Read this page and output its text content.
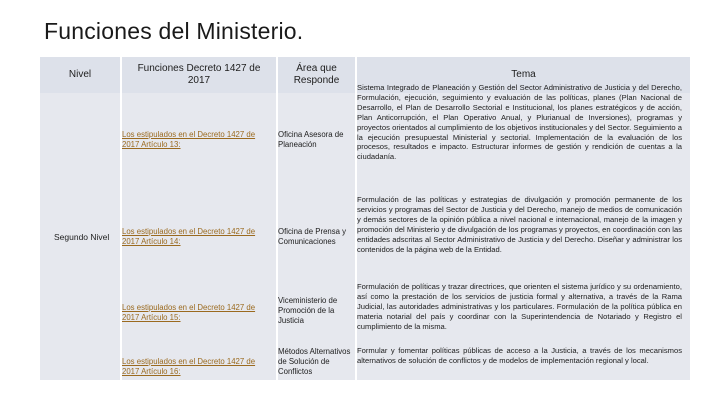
Funciones del Ministerio.
Nivel
Funciones Decreto 1427 de 2017
Área que Responde
Tema
Segundo Nivel
Los estipulados en el Decreto 1427 de 2017 Artículo 13:
Oficina Asesora de Planeación
Sistema Integrado de Planeación y Gestión del Sector Administrativo de Justicia y del Derecho, Formulación, ejecución, seguimiento y evaluación de las políticas, planes (Plan Nacional de Desarrollo, el Plan de Desarrollo Sectorial e Institucional, los planes estratégicos y de acción, Plan Anticorrupción, el Plan Operativo Anual, y Plurianual de Inversiones), programas y proyectos orientados al cumplimiento de los objetivos institucionales y del Sector. Seguimiento a la ejecución presupuestal Ministerial y sectorial. Implementación de la evaluación de los procesos, resultados e impacto. Estructurar informes de gestión y rendición de cuentas a la ciudadanía.
Los estipulados en el Decreto 1427 de 2017 Artículo 14:
Oficina de Prensa y Comunicaciones
Formulación de las políticas y estrategias de divulgación y promoción permanente de los servicios y programas del Sector de Justicia y del Derecho, manejo de medios de comunicación y demás sectores de la opinión pública a nivel nacional e internacional, manejo de la imagen y promoción del Ministerio y de divulgación de los programas y proyectos, en coordinación con las entidades adscritas al Sector Administrativo de Justicia y del Derecho. Diseñar y administrar los contenidos de la página web de la Entidad.
Los estipulados en el Decreto 1427 de 2017 Artículo 15:
Viceministerio de Promoción de la Justicia
Formulación de políticas y trazar directrices, que orienten el sistema jurídico y su ordenamiento, así como la prestación de los servicios de justicia formal y alternativa, a través de la Rama Judicial, las autoridades administrativas y los particulares. Formulación de la política pública en materia notarial del país y coordinar con la Superintendencia de Notariado y Registro el cumplimiento de la misma.
Los estipulados en el Decreto 1427 de 2017 Artículo 16:
Métodos Alternativos de Solución de Conflictos
Formular y fomentar políticas públicas de acceso a la Justicia, a través de los mecanismos alternativos de solución de conflictos y de modelos de implementación regional y local.
